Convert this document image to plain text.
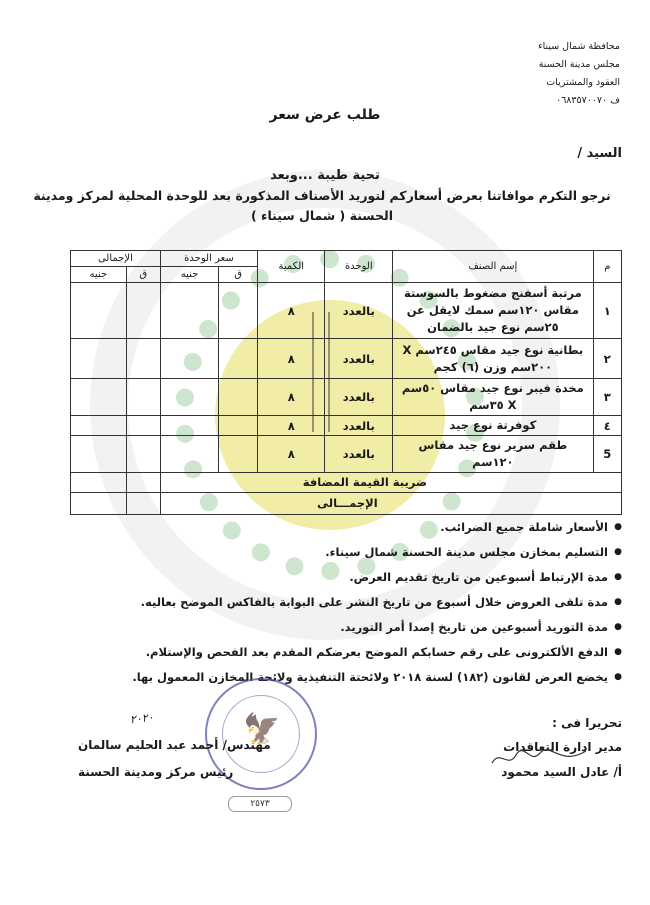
محافظة شمال سيناء
مجلس مدينة الحسنة
العقود والمشتريات
ف ٠٦٨٣٥٧٠٠٧٠
طلب عرض سعر
السيد /
تحية طيبة ...وبعد
نرجو التكرم موافاتنا بعرض أسعاركم لتوريد الأصناف المذكورة بعد للوحدة المحلية لمركز ومدينة الحسنة ( شمال سيناء )
م	إسم الصنف	الوحدة	الكمية	سعر الوحدة		الإجمالى	
				ق	جنيه	ق	جنيه
١	مرتبة أسفنج مضغوط بالسوستة مقاس ١٢٠سم سمك لايقل عن ٢٥سم نوع جيد بالضمان	بالعدد	٨				
٢	بطانية نوع جيد مقاس ٢٤٥سم X ٢٠٠سم وزن (٦) كجم	بالعدد	٨				
٣	مخدة فيبر نوع جيد مقاس ٥٠سم X ٣٥سم	بالعدد	٨				
٤	كوفرتة نوع جيد	بالعدد	٨				
5	طقم سرير نوع جيد مقاس ١٢٠سم	بالعدد	٨				
ضريبة القيمة المضافة							
الإجمـــالى							
● الأسعار شاملة جميع الضرائب.
● التسليم بمخازن مجلس مدينة الحسنة شمال سيناء.
● مدة الإرتباط أسبوعين من تاريخ تقديم العرض.
● مدة تلقى العروض خلال أسبوع من تاريخ النشر على البوابة بالفاكس الموضح بعاليه.
● مدة التوريد أسبوعين من تاريخ إصدا أمر التوريد.
● الدفع الألكترونى على رقم حسابكم الموضح بعرضكم المقدم بعد الفحص والإستلام.
● يخضع العرض لقانون (١٨٢) لسنة ٢٠١٨ ولائحتة التنفيذية ولائحة المخازن المعمول بها.
تحريرا فى :
مدير ادارة التعاقدات
أ/ عادل السيد محمود
🦅
٢٥٧٣
٢٠٢٠
مهندس/ أحمد عبد الحليم سالمان
رئيس مركز ومدينة الحسنة
